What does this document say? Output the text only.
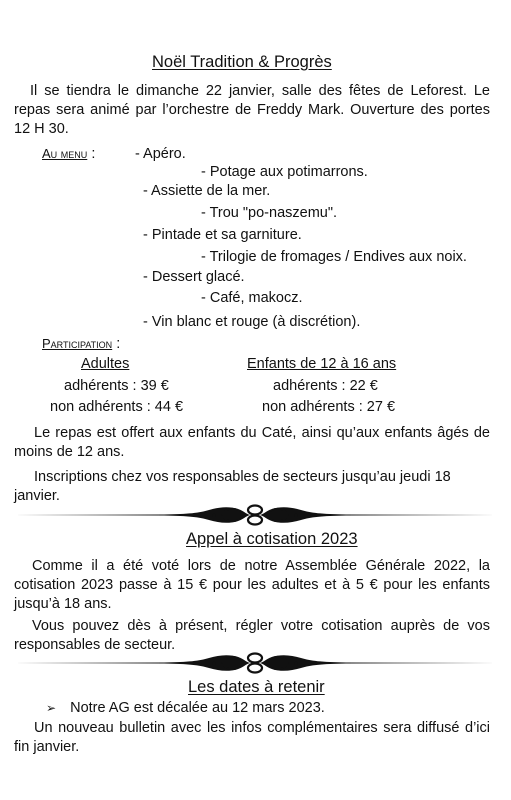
Noël Tradition & Progrès
Il se tiendra le dimanche 22 janvier, salle des fêtes de Leforest. Le repas sera animé par l’orchestre de Freddy Mark. Ouverture des portes 12 H 30.
Au menu :	- Apéro.
- Potage aux potimarrons.
- Assiette de la mer.
- Trou "po-naszemu".
- Pintade et sa garniture.
- Trilogie de fromages / Endives aux noix.
- Dessert glacé.
- Café, makocz.
- Vin blanc et rouge (à discrétion).
Participation :
Adultes	Enfants de 12 à 16 ans
adhérents : 39 €	adhérents : 22 €
non adhérents : 44 €	non adhérents : 27 €
Le repas est offert aux enfants du Caté, ainsi qu’aux enfants âgés de moins de 12 ans.
Inscriptions chez vos responsables de secteurs jusqu’au jeudi 18 janvier.
Appel à cotisation 2023
Comme il a été voté lors de notre Assemblée Générale 2022, la cotisation 2023 passe à 15 € pour les adultes et à 5 € pour les enfants jusqu’à 18 ans.
Vous pouvez dès à présent, régler votre cotisation auprès de vos responsables de secteur.
Les dates à retenir
➢ Notre AG est décalée au 12 mars 2023.
Un nouveau bulletin avec les infos complémentaires sera diffusé d’ici fin janvier.
